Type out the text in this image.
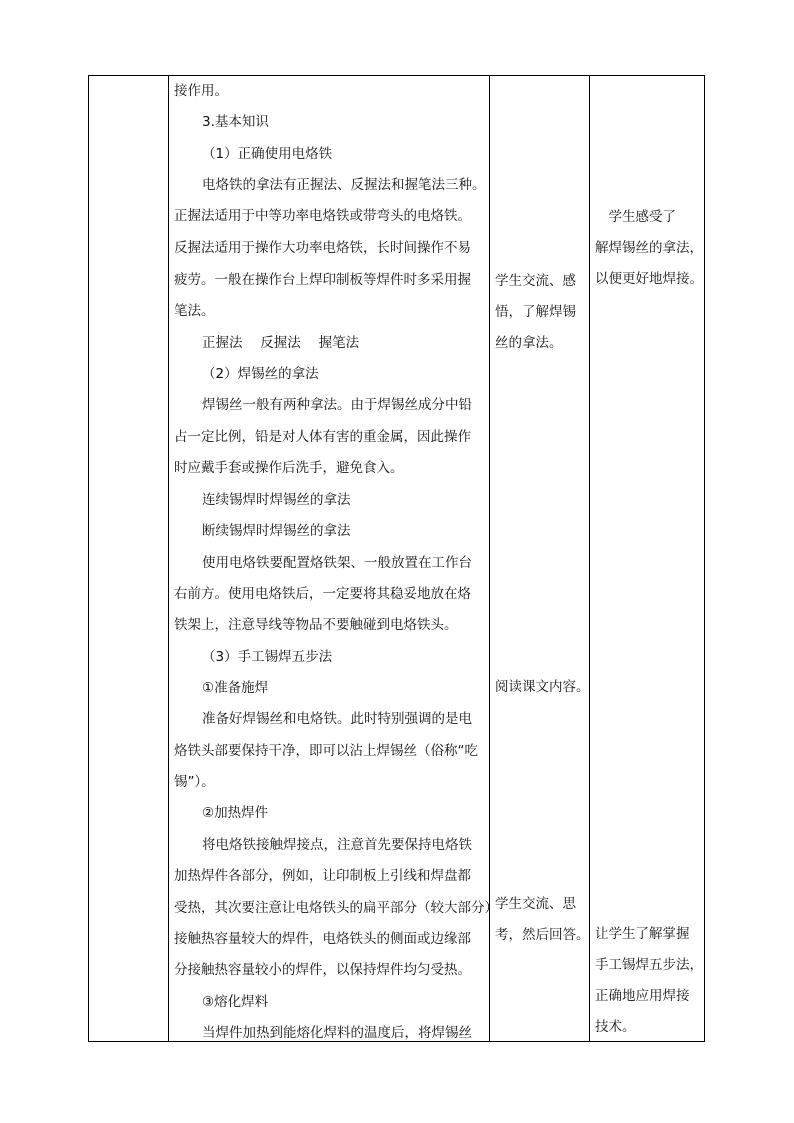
接作用。
3.基本知识
（1）正确使用电烙铁
电烙铁的拿法有正握法、反握法和握笔法三种。
正握法适用于中等功率电烙铁或带弯头的电烙铁。
反握法适用于操作大功率电烙铁，长时间操作不易
疲劳。一般在操作台上焊印制板等焊件时多采用握
笔法。
正握法　 反握法　 握笔法
（2）焊锡丝的拿法
焊锡丝一般有两种拿法。由于焊锡丝成分中铅
占一定比例，铅是对人体有害的重金属，因此操作
时应戴手套或操作后洗手，避免食入。
连续锡焊时焊锡丝的拿法
断续锡焊时焊锡丝的拿法
使用电烙铁要配置烙铁架、一般放置在工作台
右前方。使用电烙铁后，一定要将其稳妥地放在烙
铁架上，注意导线等物品不要触碰到电烙铁头。
（3）手工锡焊五步法
①准备施焊
准备好焊锡丝和电烙铁。此时特别强调的是电
烙铁头部要保持干净，即可以沾上焊锡丝（俗称“吃
锡”）。
②加热焊件
将电烙铁接触焊接点，注意首先要保持电烙铁
加热焊件各部分，例如，让印制板上引线和焊盘都
受热，其次要注意让电烙铁头的扁平部分（较大部分）
接触热容量较大的焊件，电烙铁头的侧面或边缘部
分接触热容量较小的焊件，以保持焊件均匀受热。
③熔化焊料
当焊件加热到能熔化焊料的温度后，将焊锡丝
学生交流、感
悟，了解焊锡
丝的拿法。
阅读课文内容。
学生交流、思
考，然后回答。
　学生感受了
解焊锡丝的拿法，
以便更好地焊接。
让学生了解掌握
手工锡焊五步法，
正确地应用焊接
技术。
